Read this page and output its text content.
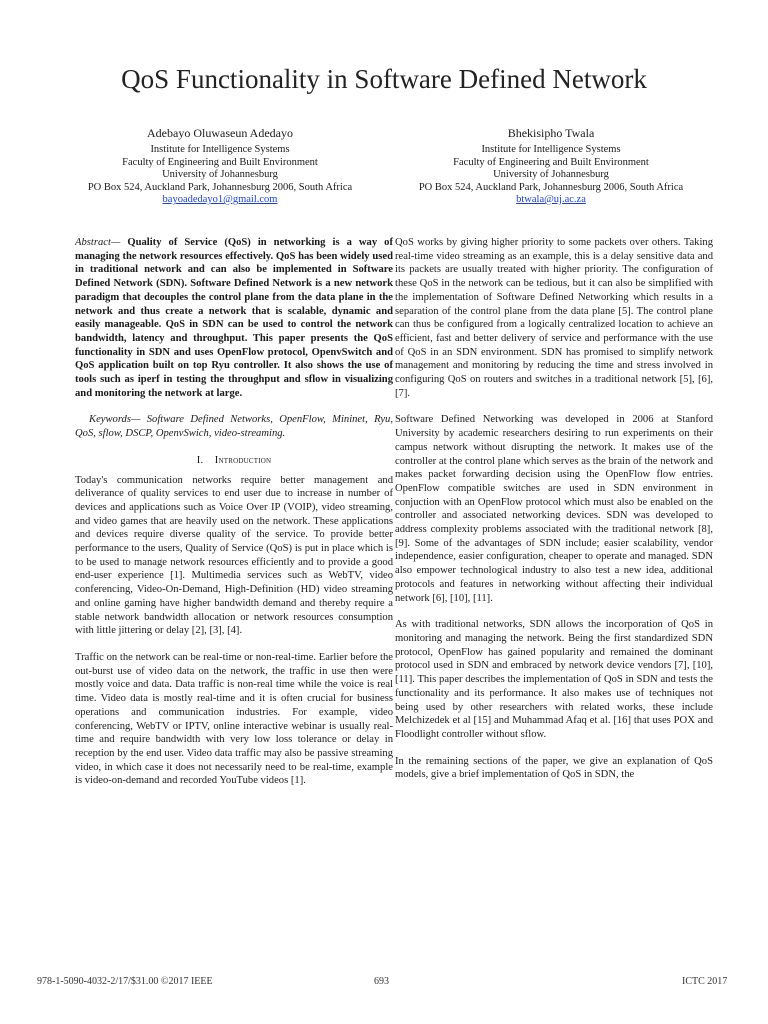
QoS Functionality in Software Defined Network
Adebayo Oluwaseun Adedayo
Institute for Intelligence Systems
Faculty of Engineering and Built Environment
University of Johannesburg
PO Box 524, Auckland Park, Johannesburg 2006, South Africa
bayoadedayo1@gmail.com
Bhekisipho Twala
Institute for Intelligence Systems
Faculty of Engineering and Built Environment
University of Johannesburg
PO Box 524, Auckland Park, Johannesburg 2006, South Africa
btwala@uj.ac.za

Abstract— Quality of Service (QoS) in networking is a way of managing the network resources effectively. QoS has been widely used in traditional network and can also be implemented in Software Defined Network (SDN). Software Defined Network is a new network paradigm that decouples the control plane from the data plane in the network and thus create a network that is scalable, dynamic and easily manageable. QoS in SDN can be used to control the network bandwidth, latency and throughput. This paper presents the QoS functionality in SDN and uses OpenFlow protocol, OpenvSwitch and QoS application built on top Ryu controller. It also shows the use of tools such as iperf in testing the throughput and sflow in visualizing and monitoring the network at large.

Keywords— Software Defined Networks, OpenFlow, Mininet, Ryu, QoS, sflow, DSCP, OpenvSwich, video-streaming.

I. Introduction

Today's communication networks require better management and deliverance of quality services to end user due to increase in number of devices and applications such as Voice Over IP (VOIP), video streaming, and video games that are heavily used on the network. These applications and devices require diverse quality of the service. To provide better performance to the users, Quality of Service (QoS) is put in place which is to be used to manage network resources efficiently and to provide a good end-user experience [1]. Multimedia services such as WebTV, video conferencing, Video-On-Demand, High-Definition (HD) video streaming and online gaming have higher bandwidth demand and thereby require a stable network bandwidth allocation or network resources consumption with little jittering or delay [2], [3], [4].

Traffic on the network can be real-time or non-real-time. Earlier before the out-burst use of video data on the network, the traffic in use then were mostly voice and data. Data traffic is non-real time while the voice is real time. Video data is mostly real-time and it is often crucial for business operations and communication industries. For example, video conferencing, WebTV or IPTV, online interactive webinar is usually real-time and require bandwidth with very low loss tolerance or delay in reception by the end user. Video data traffic may also be passive streaming video, in which case it does not necessarily need to be real-time, example is video-on-demand and recorded YouTube videos [1].

QoS works by giving higher priority to some packets over others. Taking real-time video streaming as an example, this is a delay sensitive data and its packets are usually treated with higher priority. The configuration of these QoS in the network can be tedious, but it can also be simplified with the implementation of Software Defined Networking which results in a separation of the control plane from the data plane [5]. The control plane can thus be configured from a logically centralized location to achieve an efficient, fast and better delivery of service and performance with the use of QoS in an SDN environment. SDN has promised to simplify network management and monitoring by reducing the time and stress involved in configuring QoS on routers and switches in a traditional network [5], [6], [7].

Software Defined Networking was developed in 2006 at Stanford University by academic researchers desiring to run experiments on their campus network without disrupting the network. It makes use of the controller at the control plane which serves as the brain of the network and makes packet forwarding decision using the OpenFlow flow entries. OpenFlow compatible switches are used in SDN environment in conjuction with an OpenFlow protocol which must also be enabled on the controller and associated networking devices. SDN was developed to address complexity problems associated with the traditional network [8], [9]. Some of the advantages of SDN include; easier scalability, vendor independence, easier configuration, cheaper to operate and managed. SDN also empower technological industry to also test a new idea, additional protocols and features in networking without affecting their individual network [6], [10], [11].

As with traditional networks, SDN allows the incorporation of QoS in monitoring and managing the network. Being the first standardized SDN protocol, OpenFlow has gained popularity and remained the dominant protocol used in SDN and embraced by network device vendors [7], [10], [11]. This paper describes the implementation of QoS in SDN and tests the functionality and its performance. It also makes use of techniques not being used by other researchers with related works, these include Melchizedek et al [15] and Muhammad Afaq et al. [16] that uses POX and Floodlight controller without sflow.

In the remaining sections of the paper, we give an explanation of QoS models, give a brief implementation of QoS in SDN, the

978-1-5090-4032-2/17/$31.00 ©2017 IEEE	693	ICTC 2017
